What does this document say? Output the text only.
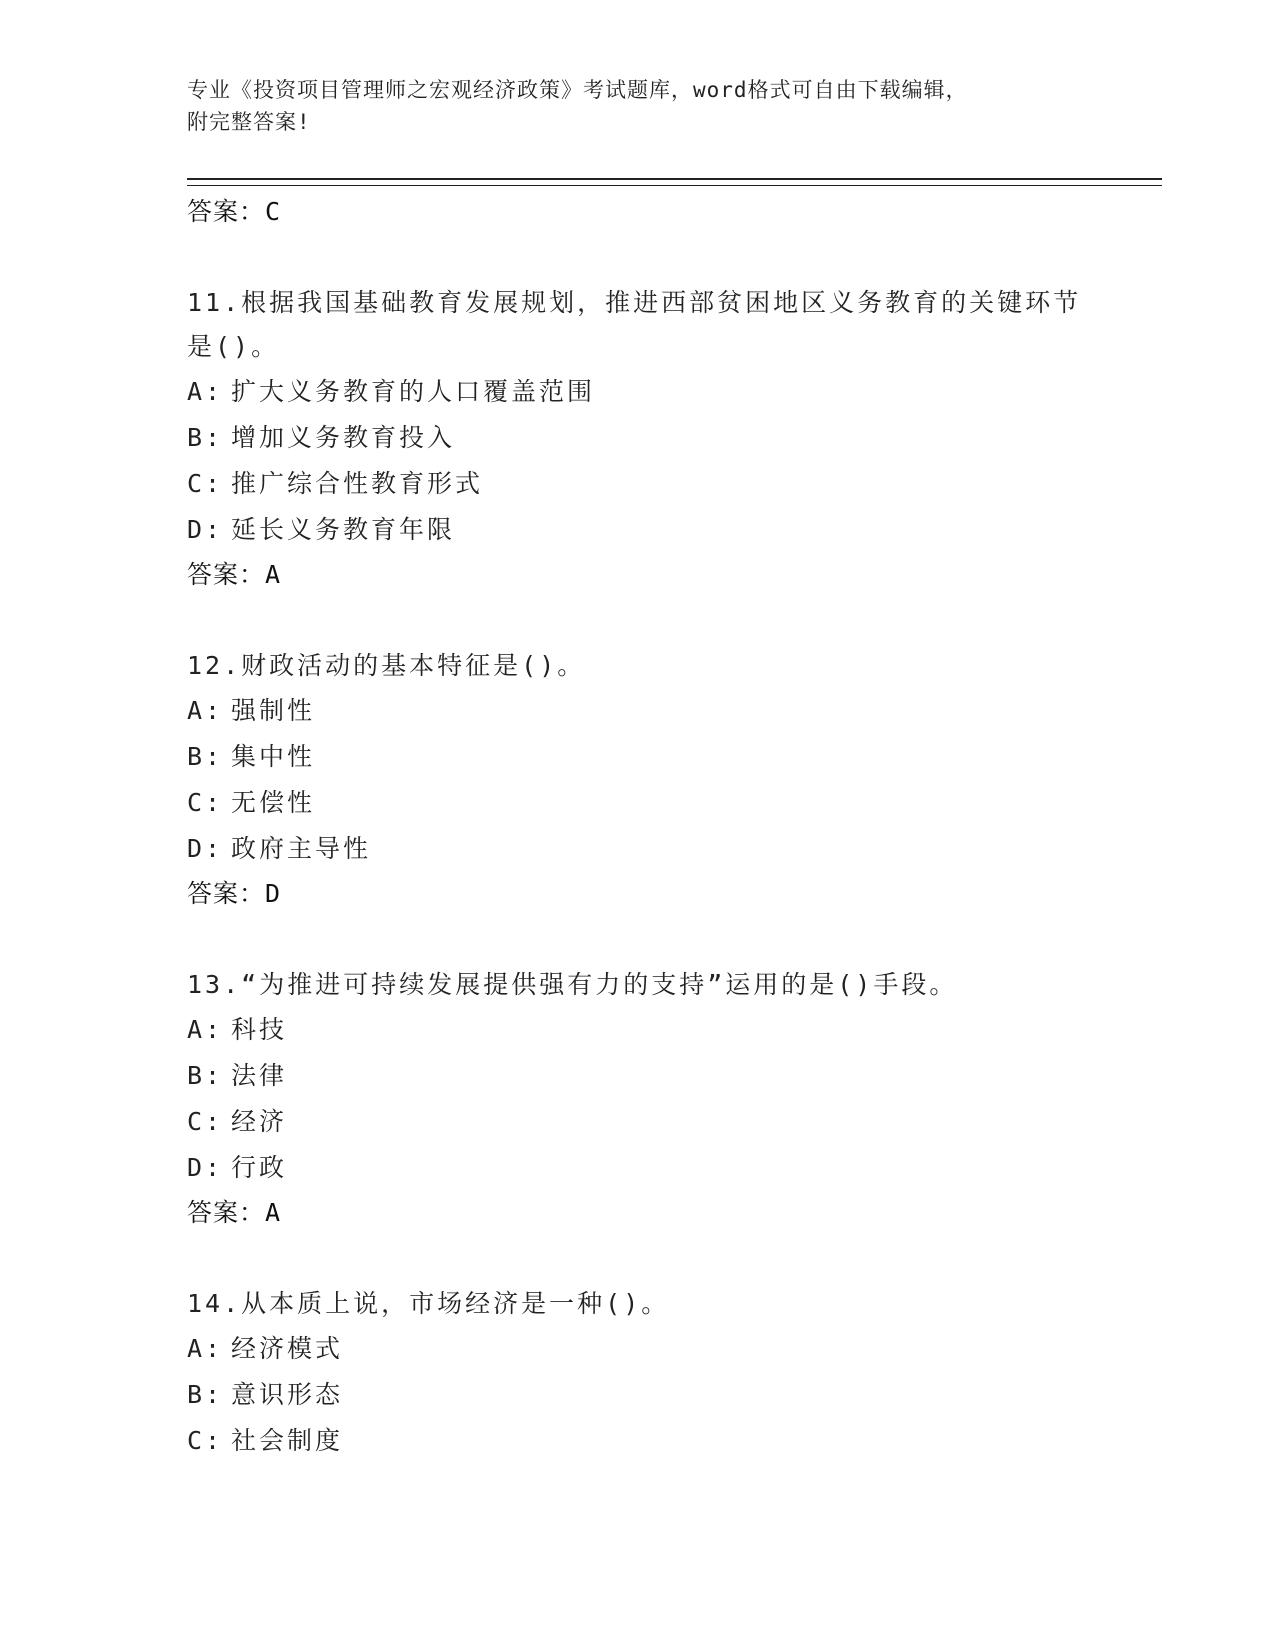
专业《投资项目管理师之宏观经济政策》考试题库，word格式可自由下载编辑，
附完整答案!
答案：C
11.根据我国基础教育发展规划，推进西部贫困地区义务教育的关键环节是()。
A: 扩大义务教育的人口覆盖范围
B: 增加义务教育投入
C: 推广综合性教育形式
D: 延长义务教育年限
答案：A
12.财政活动的基本特征是()。
A: 强制性
B: 集中性
C: 无偿性
D: 政府主导性
答案：D
13.“为推进可持续发展提供强有力的支持”运用的是()手段。
A: 科技
B: 法律
C: 经济
D: 行政
答案：A
14.从本质上说，市场经济是一种()。
A: 经济模式
B: 意识形态
C: 社会制度
